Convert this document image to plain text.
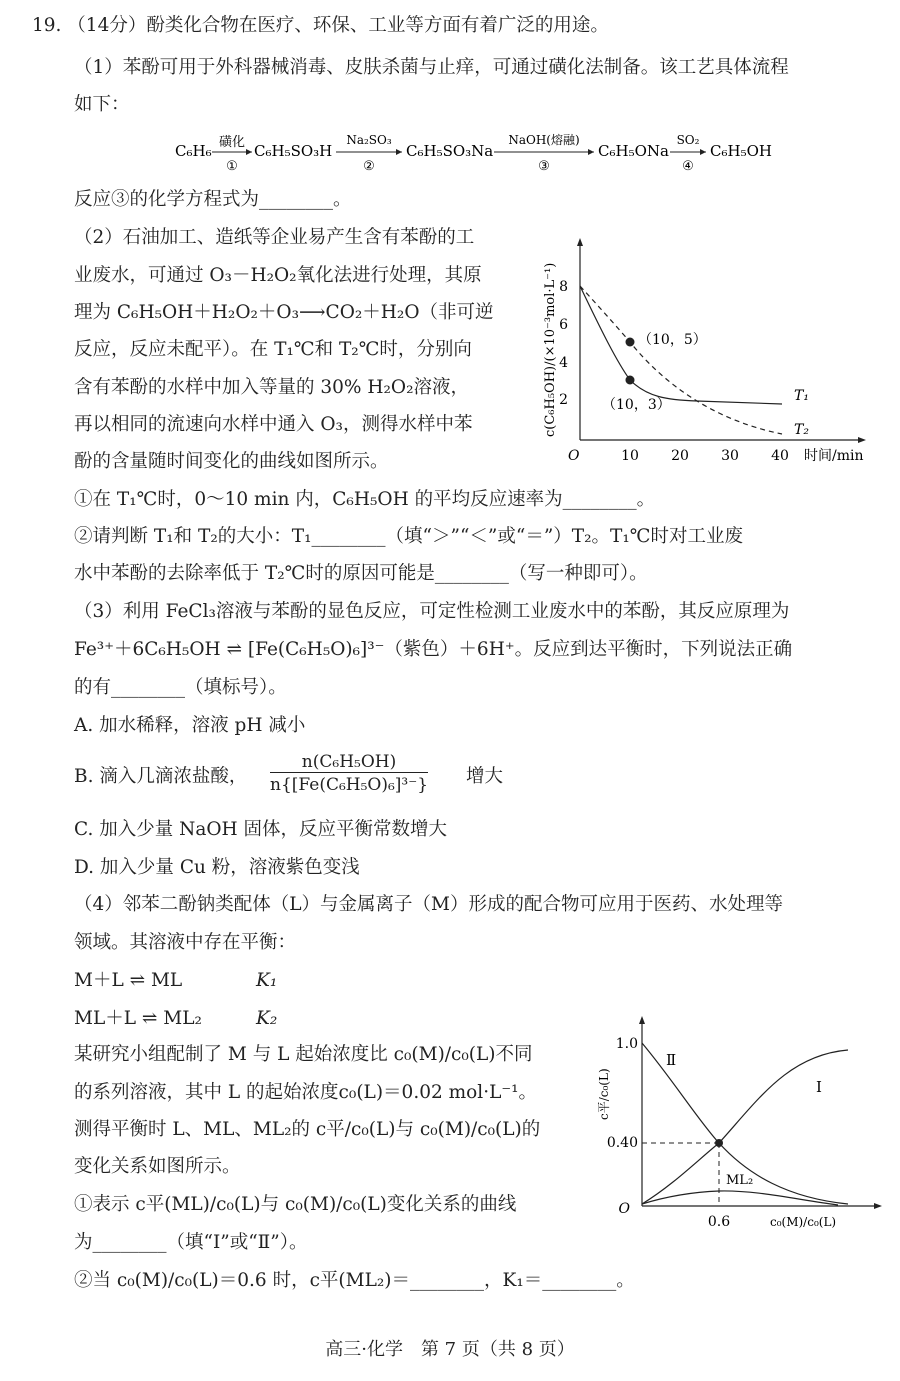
19. （14分）酚类化合物在医疗、环保、工业等方面有着广泛的用途。
（1）苯酚可用于外科器械消毒、皮肤杀菌与止痒，可通过磺化法制备。该工艺具体流程
如下：
C₆H₆ 磺化
①
C₆H₅SO₃H
Na₂SO₃
②
C₆H₅SO₃Na
NaOH(熔融)
③
C₆H₅ONa
SO₂
④
C₆H₅OH
反应③的化学方程式为________。
（2）石油加工、造纸等企业易产生含有苯酚的工
业废水，可通过 O₃－H₂O₂氧化法进行处理，其原
理为 C₆H₅OH＋H₂O₂＋O₃⟶CO₂＋H₂O（非可逆
反应，反应未配平）。在 T₁℃和 T₂℃时，分别向
含有苯酚的水样中加入等量的 30% H₂O₂溶液，
再以相同的流速向水样中通入 O₃，测得水样中苯
酚的含量随时间变化的曲线如图所示。
c(C₆H₅OH)/(×10⁻³mol·L⁻¹)
O	10 20 30 40 时间/min
2
4
6
8
（10，5）
（10，3）
T₁
T₂
①在 T₁℃时，0～10 min 内，C₆H₅OH 的平均反应速率为________。
②请判断 T₁和 T₂的大小：T₁________（填“＞”“＜”或“＝”）T₂。T₁℃时对工业废
水中苯酚的去除率低于 T₂℃时的原因可能是________（写一种即可）。
（3）利用 FeCl₃溶液与苯酚的显色反应，可定性检测工业废水中的苯酚，其反应原理为
Fe³⁺＋6C₆H₅OH ⇌ [Fe(C₆H₅O)₆]³⁻（紫色）＋6H⁺。反应到达平衡时，下列说法正确
的有________（填标号）。
A. 加水稀释，溶液 pH 减小
B. 滴入几滴浓盐酸， $\frac{\text{n(C₆H₅OH)}}{\text{n\{[Fe(C₆H₅O)₆]³⁻\}}}$ 增大
C. 加入少量 NaOH 固体，反应平衡常数增大
D. 加入少量 Cu 粉，溶液紫色变浅
（4）邻苯二酚钠类配体（L）与金属离子（M）形成的配合物可应用于医药、水处理等
领域。其溶液中存在平衡：
M＋L ⇌ ML	K₁
ML＋L ⇌ ML₂	K₂
某研究小组配制了 M 与 L 起始浓度比 c₀(M)/c₀(L)不同
的系列溶液，其中 L 的起始浓度c₀(L)＝0.02 mol·L⁻¹。
测得平衡时 L、ML、ML₂的 c平/c₀(L)与 c₀(M)/c₀(L)的
变化关系如图所示。
①表示 c平(ML)/c₀(L)与 c₀(M)/c₀(L)变化关系的曲线
为________（填“Ⅰ”或“Ⅱ”）。
②当 c₀(M)/c₀(L)＝0.6 时，c平(ML₂)＝________，K₁＝________。
c平/c₀(L)
1.0
0.40
O
0.6	c₀(M)/c₀(L)
Ⅱ
Ⅰ
ML₂
高三·化学　第 7 页（共 8 页）
